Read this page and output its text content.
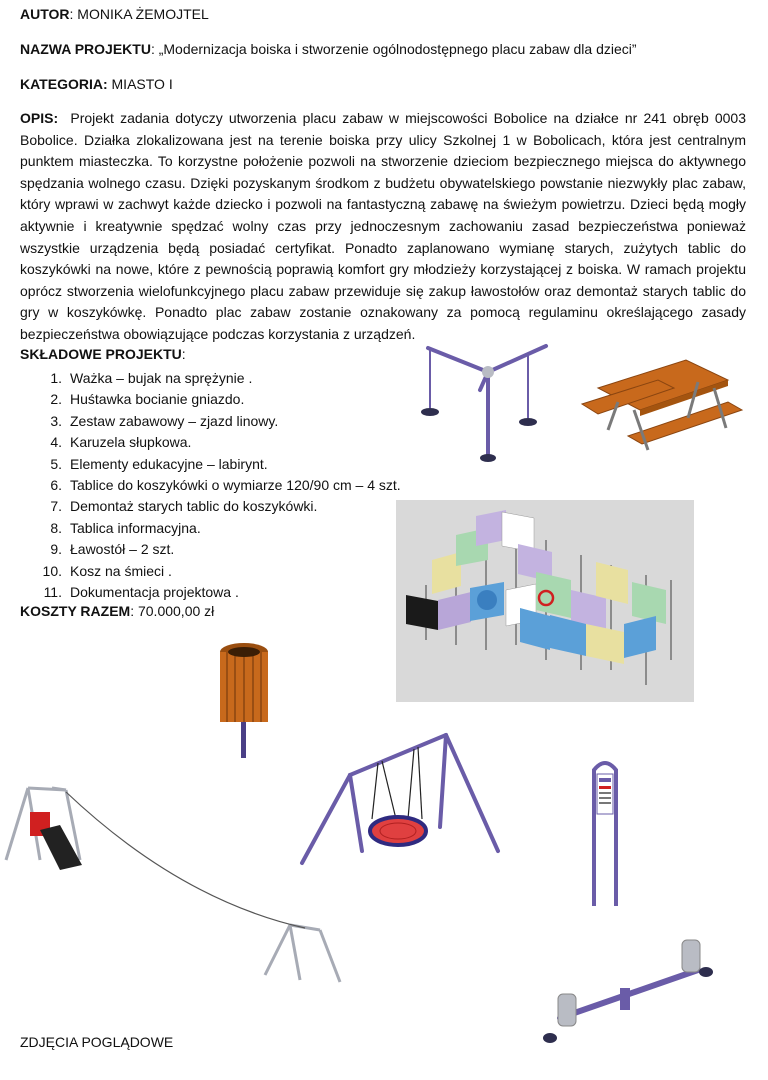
AUTOR: MONIKA ŻEMOJTEL
NAZWA PROJEKTU: „Modernizacja boiska i stworzenie ogólnodostępnego placu zabaw dla dzieci”
KATEGORIA: MIASTO I

OPIS: Projekt zadania dotyczy utworzenia placu zabaw w miejscowości Bobolice na działce nr 241 obręb 0003 Bobolice. Działka zlokalizowana jest na terenie boiska przy ulicy Szkolnej 1 w Bobolicach, która jest centralnym punktem miasteczka. To korzystne położenie pozwoli na stworzenie dzieciom bezpiecznego miejsca do aktywnego spędzania wolnego czasu. Dzięki pozyskanym środkom z budżetu obywatelskiego powstanie niezwykły plac zabaw, który wprawi w zachwyt każde dziecko i pozwoli na fantastyczną zabawę na świeżym powietrzu. Dzieci będą mogły aktywnie i kreatywnie spędzać wolny czas przy jednoczesnym zachowaniu zasad bezpieczeństwa ponieważ wszystkie urządzenia będą posiadać certyfikat. Ponadto zaplanowano wymianę starych, zużytych tablic do koszykówki na nowe, które z pewnością poprawią komfort gry młodzieży korzystającej z boiska. W ramach projektu oprócz stworzenia wielofunkcyjnego placu zabaw przewiduje się zakup ławostołów oraz demontaż starych tablic do gry w koszykówkę. Ponadto plac zabaw zostanie oznakowany za pomocą regulaminu określającego zasady bezpieczeństwa obowiązujące podczas korzystania z urządzeń.

SKŁADOWE PROJEKTU:
1. Ważka – bujak na sprężynie .
2. Huśtawka bocianie gniazdo.
3. Zestaw zabawowy – zjazd linowy.
4. Karuzela słupkowa.
5. Elementy edukacyjne – labirynt.
6. Tablice do koszykówki o wymiarze 120/90 cm – 4 szt.
7. Demontaż starych tablic do koszykówki.
8. Tablica informacyjna.
9. Ławostół – 2 szt.
10. Kosz na śmieci .
11. Dokumentacja projektowa .
KOSZTY RAZEM: 70.000,00 zł
ZDJĘCIA POGLĄDOWE
